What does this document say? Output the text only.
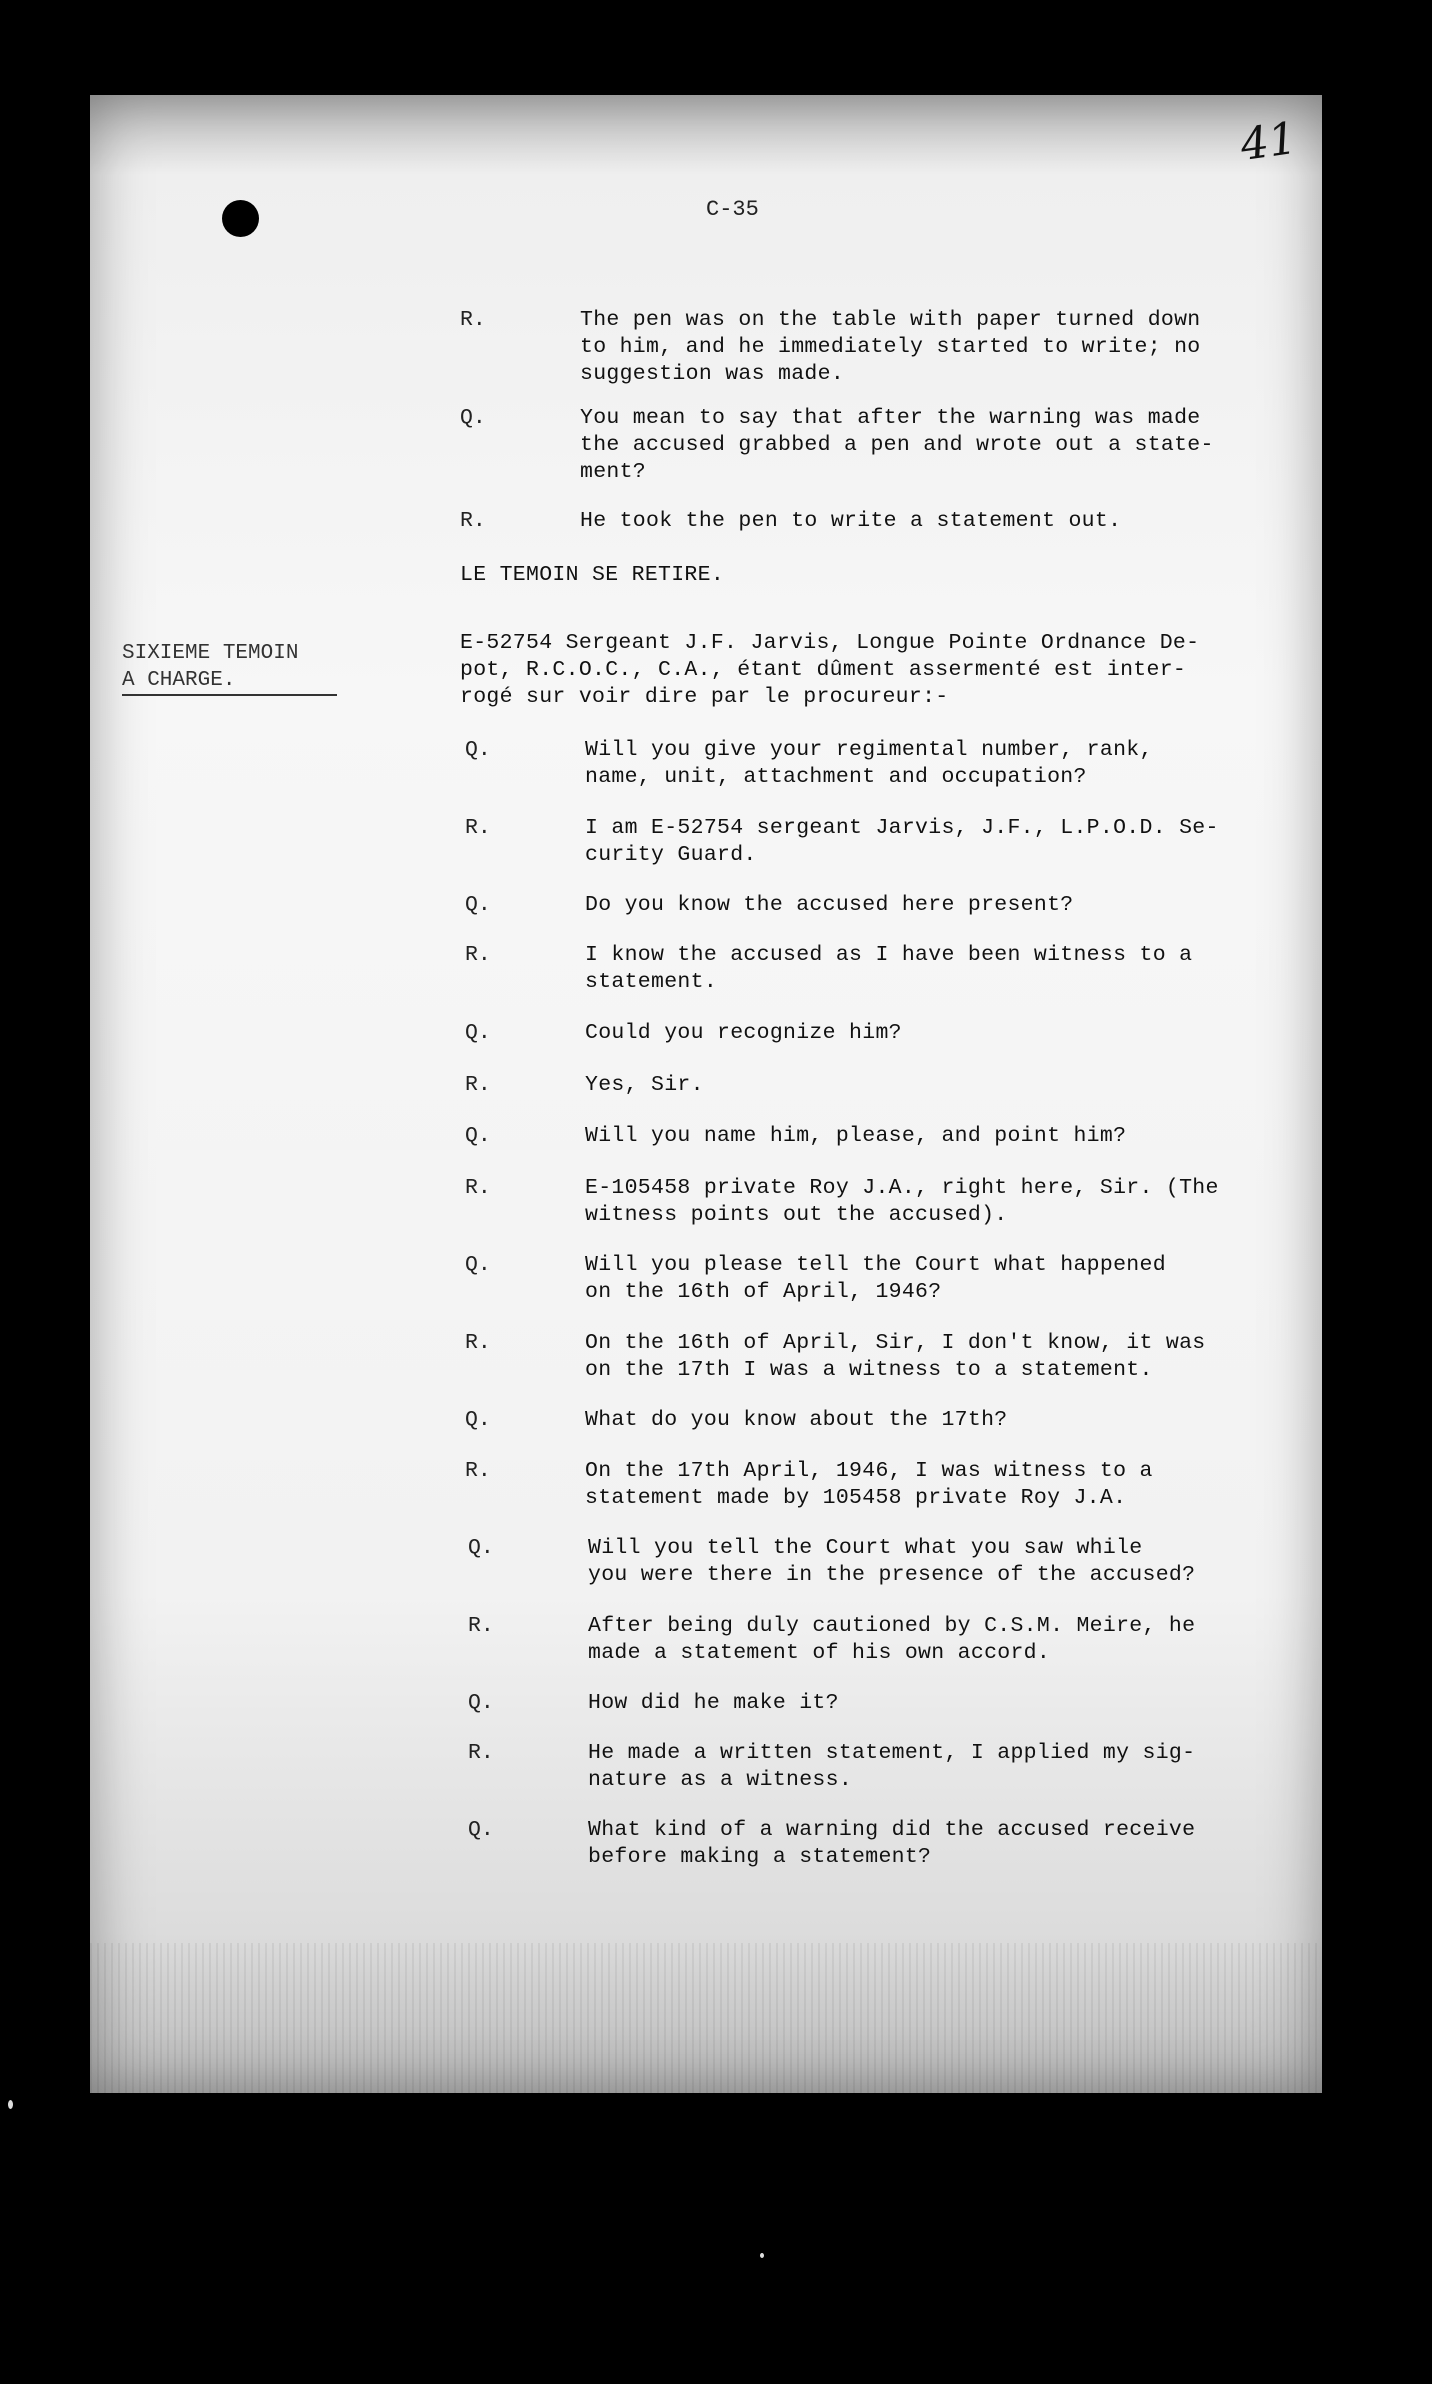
41
C-35
SIXIEME TEMOIN
A CHARGE.
R.	The pen was on the table with paper turned down
to him, and he immediately started to write; no
suggestion was made.
Q.	You mean to say that after the warning was made
the accused grabbed a pen and wrote out a state-
ment?
R.	He took the pen to write a statement out.
LE TEMOIN SE RETIRE.
E-52754 Sergeant J.F. Jarvis, Longue Pointe Ordnance De-
pot, R.C.O.C., C.A., étant dûment assermenté est inter-
rogé sur voir dire par le procureur:-
Q.	Will you give your regimental number, rank,
name, unit, attachment and occupation?
R.	I am E-52754 sergeant Jarvis, J.F., L.P.O.D. Se-
curity Guard.
Q.	Do you know the accused here present?
R.	I know the accused as I have been witness to a
statement.
Q.	Could you recognize him?
R.	Yes, Sir.
Q.	Will you name him, please, and point him?
R.	E-105458 private Roy J.A., right here, Sir. (The
witness points out the accused).
Q.	Will you please tell the Court what happened
on the 16th of April, 1946?
R.	On the 16th of April, Sir, I don't know, it was
on the 17th I was a witness to a statement.
Q.	What do you know about the 17th?
R.	On the 17th April, 1946, I was witness to a
statement made by 105458 private Roy J.A.
Q.	Will you tell the Court what you saw while
you were there in the presence of the accused?
R.	After being duly cautioned by C.S.M. Meire, he
made a statement of his own accord.
Q.	How did he make it?
R.	He made a written statement, I applied my sig-
nature as a witness.
Q.	What kind of a warning did the accused receive
before making a statement?
